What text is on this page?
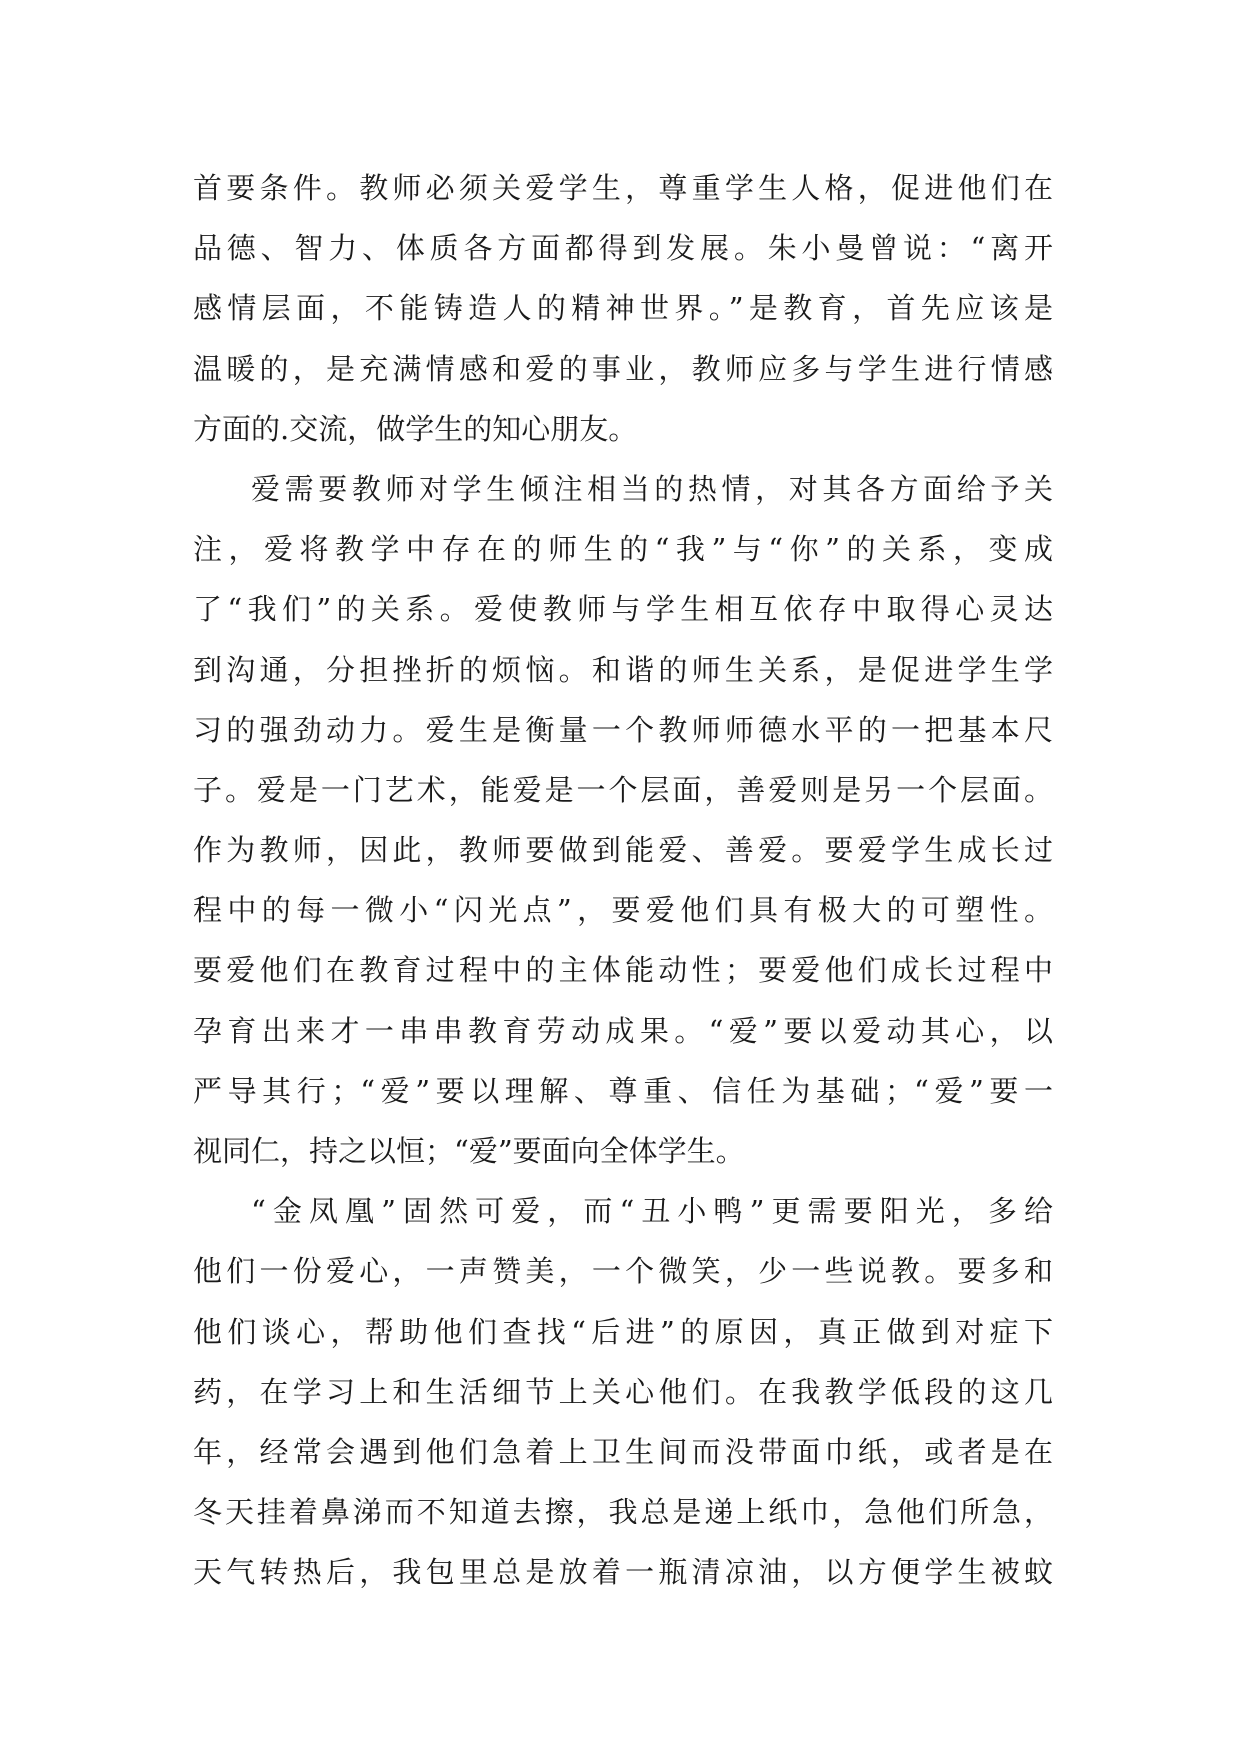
首要条件。教师必须关爱学生，尊重学生人格，促进他们在
品德、智力、体质各方面都得到发展。朱小曼曾说：“离开
感情层面，不能铸造人的精神世界。”是教育，首先应该是
温暖的，是充满情感和爱的事业，教师应多与学生进行情感
方面的.交流，做学生的知心朋友。
爱需要教师对学生倾注相当的热情，对其各方面给予关
注，爱将教学中存在的师生的“我”与“你”的关系，变成
了“我们”的关系。爱使教师与学生相互依存中取得心灵达
到沟通，分担挫折的烦恼。和谐的师生关系，是促进学生学
习的强劲动力。爱生是衡量一个教师师德水平的一把基本尺
子。爱是一门艺术，能爱是一个层面，善爱则是另一个层面。
作为教师，因此，教师要做到能爱、善爱。要爱学生成长过
程中的每一微小“闪光点”，要爱他们具有极大的可塑性。
要爱他们在教育过程中的主体能动性；要爱他们成长过程中
孕育出来才一串串教育劳动成果。“爱”要以爱动其心，以
严导其行；“爱”要以理解、尊重、信任为基础；“爱”要一
视同仁，持之以恒；“爱”要面向全体学生。
“金凤凰”固然可爱，而“丑小鸭”更需要阳光，多给
他们一份爱心，一声赞美，一个微笑，少一些说教。要多和
他们谈心，帮助他们查找“后进”的原因，真正做到对症下
药，在学习上和生活细节上关心他们。在我教学低段的这几
年，经常会遇到他们急着上卫生间而没带面巾纸，或者是在
冬天挂着鼻涕而不知道去擦，我总是递上纸巾，急他们所急，
天气转热后，我包里总是放着一瓶清凉油，以方便学生被蚊
